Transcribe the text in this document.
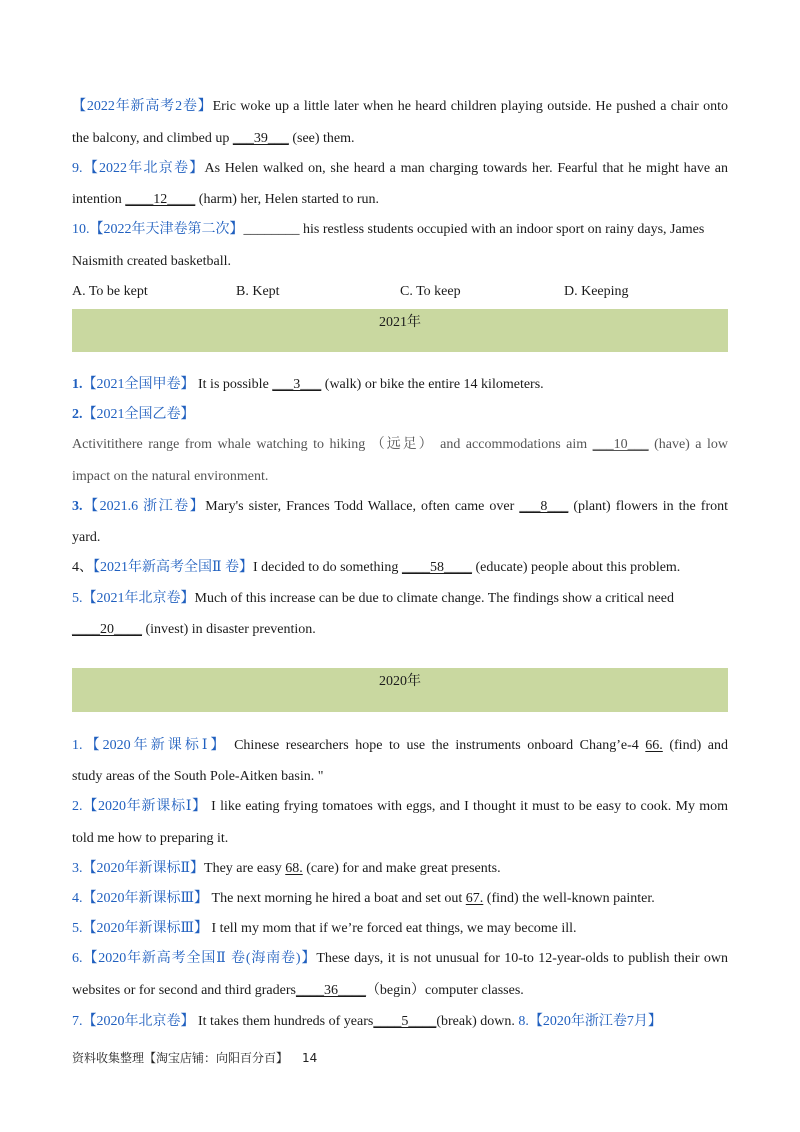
【2022年新高考2卷】Eric woke up a little later when he heard children playing outside. He pushed a chair onto
the balcony, and climbed up ___39___ (see) them.
9.【2022年北京卷】As Helen walked on, she heard a man charging towards her. Fearful that he might have an
intention ____12____ (harm) her, Helen started to run.
10.【2022年天津卷第二次】________ his restless students occupied with an indoor sport on rainy days, James
Naismith created basketball.
A. To be kept	B. Kept	C. To keep	D. Keeping
2021年
1.【2021全国甲卷】 It is possible ___3___ (walk) or bike the entire 14 kilometers.
2.【2021全国乙卷】
Activitithere range from whale watching to hiking （远足） and accommodations aim ___10___ (have) a low
impact on the natural environment.
3.【2021.6 浙江卷】Mary's sister, Frances Todd Wallace, often came over ___8___ (plant) flowers in the front
yard.
4、【2021年新高考全国Ⅱ 卷】I decided to do something ____58____ (educate) people about this problem.
5.【2021年北京卷】Much of this increase can be due to climate change. The findings show a critical need
____20____ (invest) in disaster prevention.
2020年
1.【2020年新课标Ⅰ】 Chinese researchers hope to use the instruments onboard Chang’e-4 66. (find) and
study areas of the South Pole-Aitken basin. "
2.【2020年新课标Ⅰ】 I like eating frying tomatoes with eggs, and I thought it must to be easy to cook. My mom
told me how to preparing it.
3.【2020年新课标Ⅱ】They are easy 68. (care) for and make great presents.
4.【2020年新课标Ⅲ】 The next morning he hired a boat and set out 67. (find) the well-known painter.
5.【2020年新课标Ⅲ】 I tell my mom that if we’re forced eat things, we may become ill.
6.【2020年新高考全国Ⅱ 卷(海南卷)】These days, it is not unusual for 10-to 12-year-olds to publish their own
websites or for second and third graders____36____（begin）computer classes.
7.【2020年北京卷】 It takes them hundreds of years____5____(break) down. 8.【2020年浙江卷7月】
资料收集整理【淘宝店铺：向阳百分百】 14
